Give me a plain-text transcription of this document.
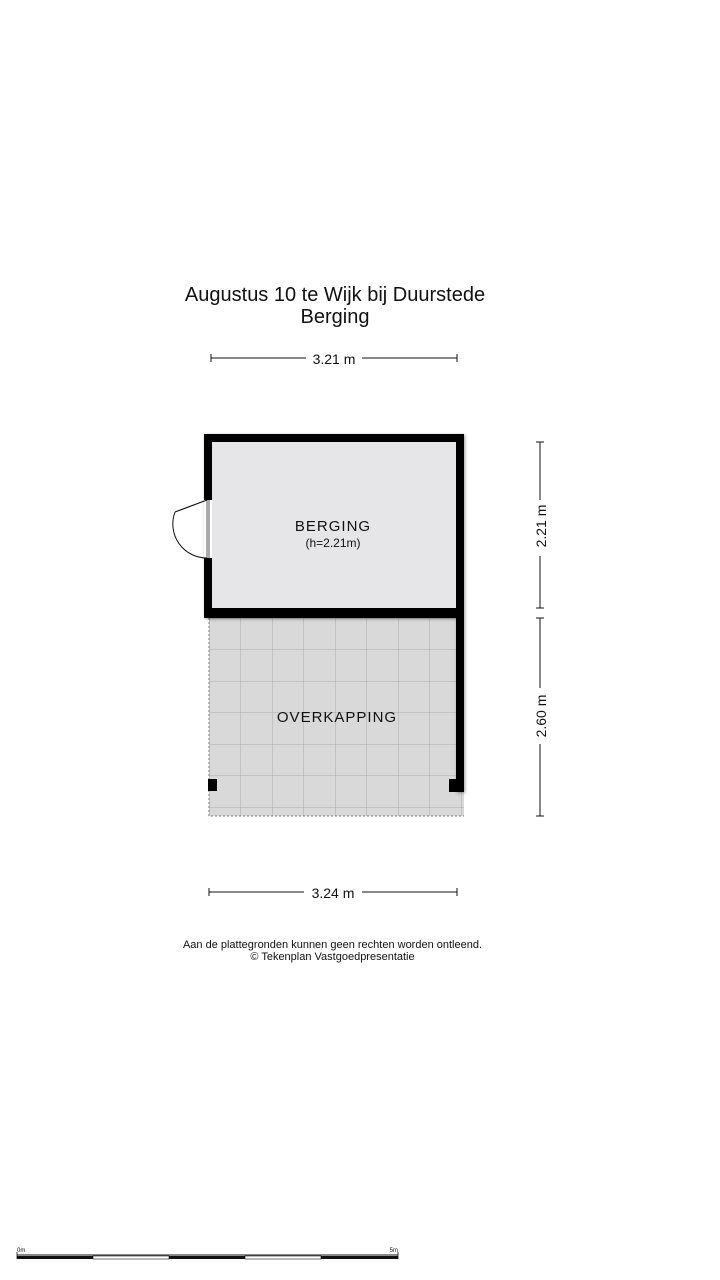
Augustus 10 te Wijk bij Duurstede
Berging
3.21 m
OVERKAPPING
BERGING
(h=2.21m)	2.21 m
2.60 m
3.24 m
0m	5m
Aan de plattegronden kunnen geen rechten worden ontleend.
© Tekenplan Vastgoedpresentatie
